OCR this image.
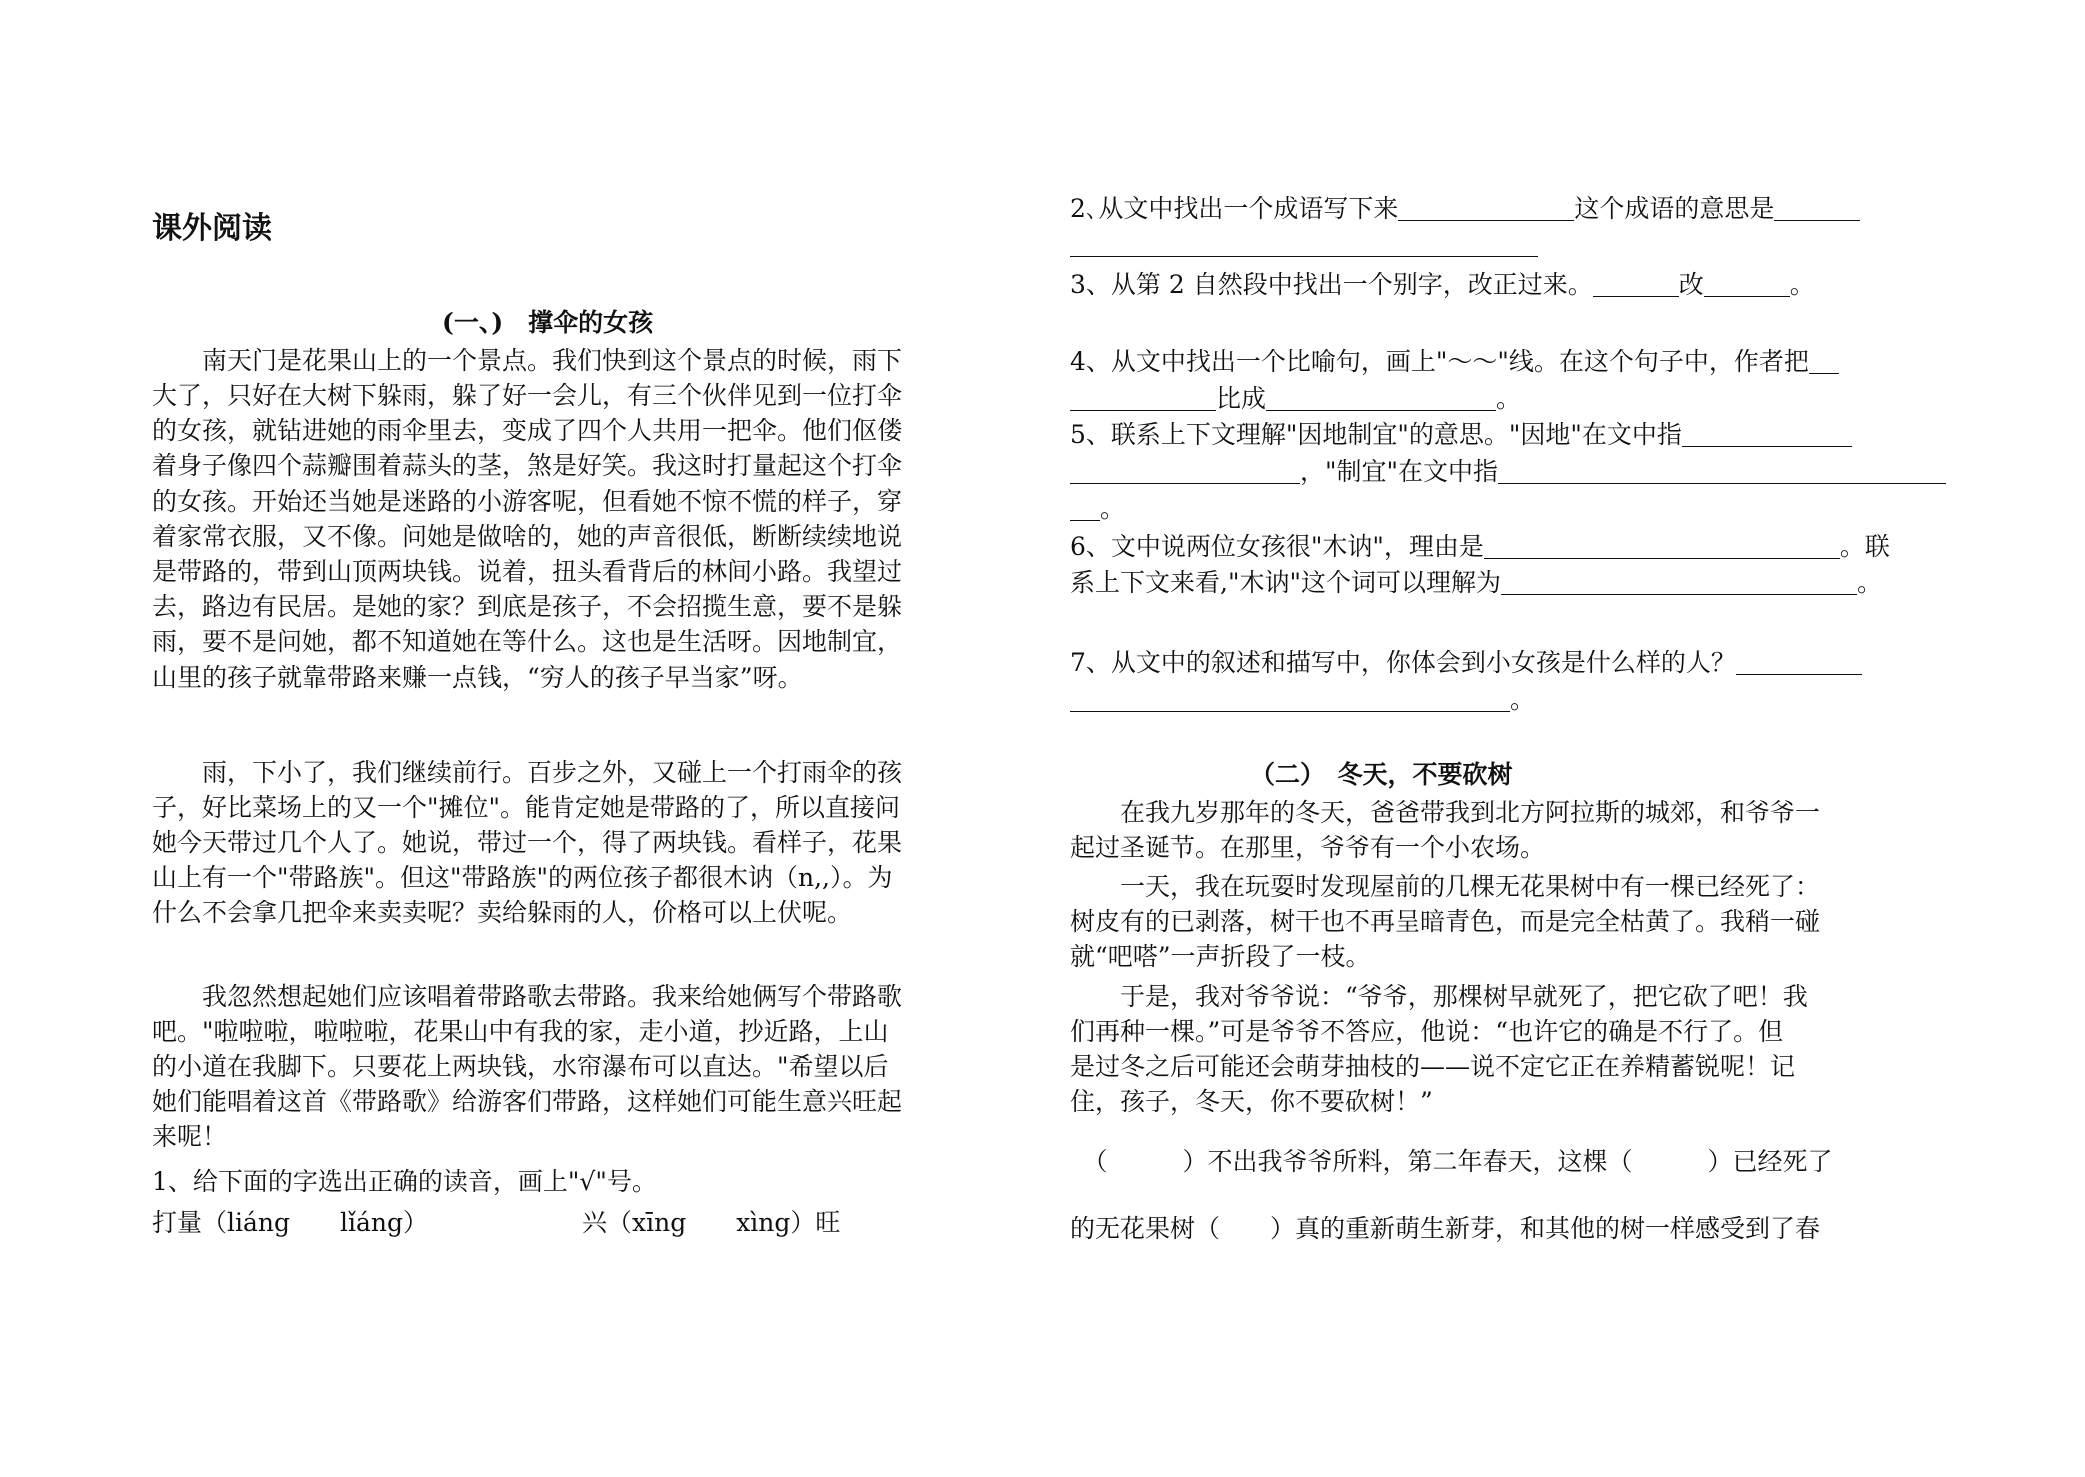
课外阅读
(一、)　撑伞的女孩
　　南天门是花果山上的一个景点。我们快到这个景点的时候，雨下
大了，只好在大树下躲雨，躲了好一会儿，有三个伙伴见到一位打伞
的女孩，就钻进她的雨伞里去，变成了四个人共用一把伞。他们伛偻
着身子像四个蒜瓣围着蒜头的茎，煞是好笑。我这时打量起这个打伞
的女孩。开始还当她是迷路的小游客呢，但看她不惊不慌的样子，穿
着家常衣服，又不像。问她是做啥的，她的声音很低，断断续续地说
是带路的，带到山顶两块钱。说着，扭头看背后的林间小路。我望过
去，路边有民居。是她的家？到底是孩子，不会招揽生意，要不是躲
雨，要不是问她，都不知道她在等什么。这也是生活呀。因地制宜，
山里的孩子就靠带路来赚一点钱，“穷人的孩子早当家”呀。
　　雨，下小了，我们继续前行。百步之外，又碰上一个打雨伞的孩
子，好比菜场上的又一个"摊位"。能肯定她是带路的了，所以直接问
她今天带过几个人了。她说，带过一个，得了两块钱。看样子，花果
山上有一个"带路族"。但这"带路族"的两位孩子都很木讷（n,,）。为
什么不会拿几把伞来卖卖呢？卖给躲雨的人，价格可以上伏呢。
　　我忽然想起她们应该唱着带路歌去带路。我来给她俩写个带路歌
吧。"啦啦啦，啦啦啦，花果山中有我的家，走小道，抄近路，上山
的小道在我脚下。只要花上两块钱，水帘瀑布可以直达。"希望以后
她们能唱着这首《带路歌》给游客们带路，这样她们可能生意兴旺起
来呢！
1、给下面的字选出正确的读音，画上"√"号。
打量（liáng　　lǐáng）	兴（xīng　　xìng）旺
2､从文中找出一个成语写下来	这个成语的意思是
3、从第 2 自然段中找出一个别字，改正过来。	改	。
4、从文中找出一个比喻句，画上"～～"线。在这个句子中，作者把
比成	。
5、联系上下文理解"因地制宜"的意思。"因地"在文中指
，"制宜"在文中指
。
6、文中说两位女孩很"木讷"，理由是	。联
系上下文来看,"木讷"这个词可以理解为	。
7、从文中的叙述和描写中，你体会到小女孩是什么样的人？
。
（二）　冬天，不要砍树
　　在我九岁那年的冬天，爸爸带我到北方阿拉斯的城郊，和爷爷一
起过圣诞节。在那里，爷爷有一个小农场。
　　一天，我在玩耍时发现屋前的几棵无花果树中有一棵已经死了：
树皮有的已剥落，树干也不再呈暗青色，而是完全枯黄了。我稍一碰
就“吧嗒”一声折段了一枝。
　　于是，我对爷爷说：“爷爷，那棵树早就死了，把它砍了吧！我
们再种一棵。”可是爷爷不答应，他说：“也许它的确是不行了。但
是过冬之后可能还会萌芽抽枝的——说不定它正在养精蓄锐呢！记
住，孩子，冬天，你不要砍树！”
　（　　　）不出我爷爷所料，第二年春天，这棵（　　　）已经死了
的无花果树（　　）真的重新萌生新芽，和其他的树一样感受到了春
